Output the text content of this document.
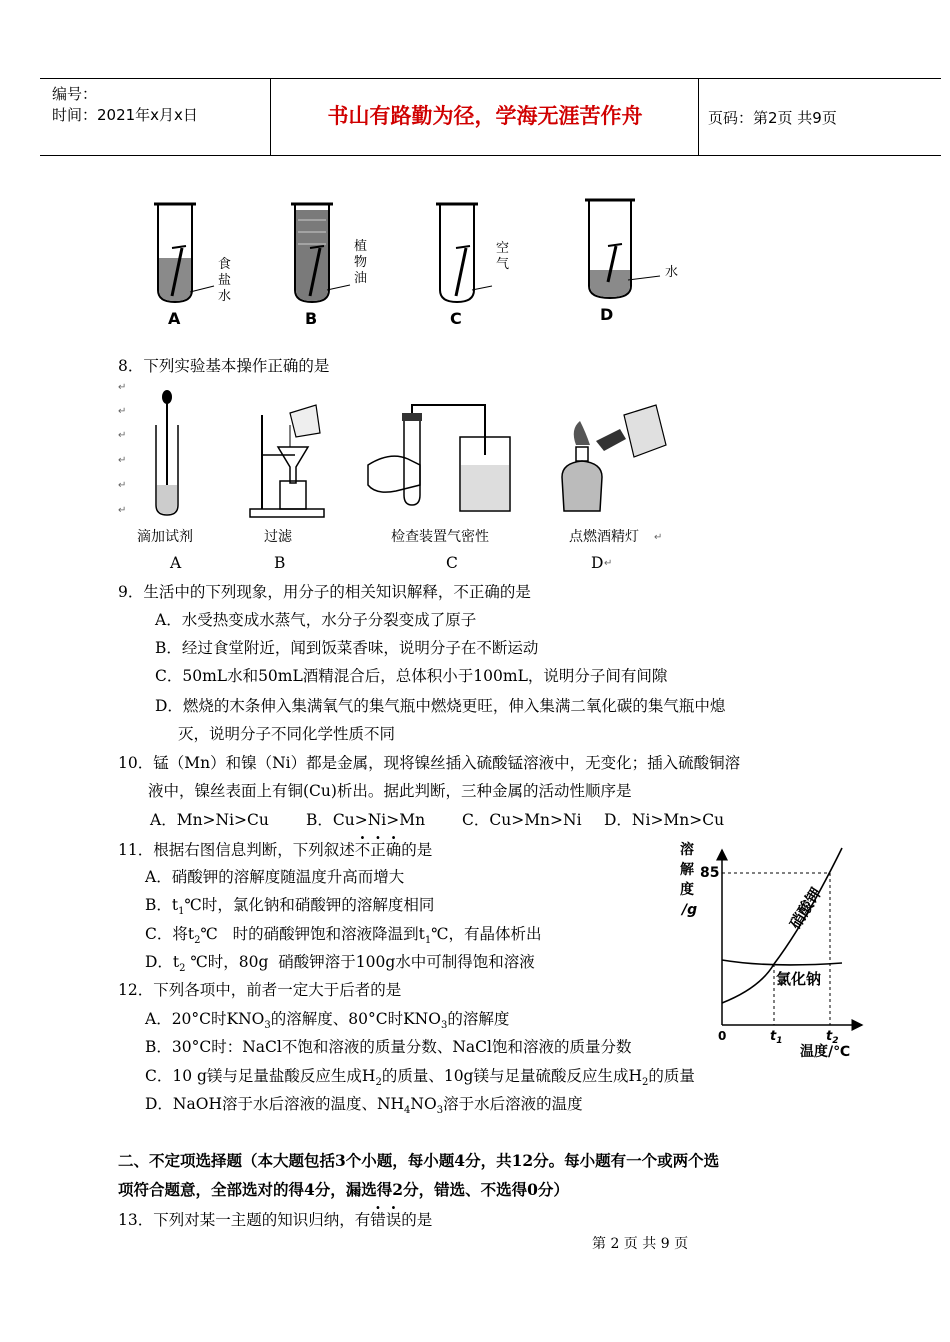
编号：
时间：2021年x月x日	书山有路勤为径，学海无涯苦作舟	页码：第2页 共9页
食
盐
水
A
植
物
油
B
空
气
C
水
D
8．下列实验基本操作正确的是
↵
↵
↵
↵
↵
↵
滴加试剂	过滤	检查装置气密性	点燃酒精灯 ↵
A	B	C	D ↵
9．生活中的下列现象，用分子的相关知识解释，不正确的是
A．水受热变成水蒸气，水分子分裂变成了原子
B．经过食堂附近，闻到饭菜香味，说明分子在不断运动
C．50mL水和50mL酒精混合后，总体积小于100mL，说明分子间有间隙
D．燃烧的木条伸入集满氧气的集气瓶中燃烧更旺，伸入集满二氧化碳的集气瓶中熄
灭，说明分子不同化学性质不同
10．锰（Mn）和镍（Ni）都是金属，现将镍丝插入硫酸锰溶液中，无变化；插入硫酸铜溶
液中，镍丝表面上有铜(Cu)析出。据此判断，三种金属的活动性顺序是
A．Mn>Ni>Cu B．Cu>Ni>Mn C．Cu>Mn>Ni D．Ni>Mn>Cu
11．根据右图信息判断，下列叙述不正确的是
A．硝酸钾的溶解度随温度升高而增大
B．$t_1℃$时，氯化钠和硝酸钾的溶解度相同
C．将$t_2℃$   时的硝酸钾饱和溶液降温到$t_1℃$，有晶体析出
D．$t_2$ ℃时，80g  硝酸钾溶于100g水中可制得饱和溶液
溶
解
度
/g
85
硝酸钾
氯化钠
0	$t_1$	$t_2$
温度/℃
12．下列各项中，前者一定大于后者的是
A．20°C时$KNO_3$的溶解度、80°C时$KNO_3$的溶解度
B．30°C时：NaCl不饱和溶液的质量分数、NaCl饱和溶液的质量分数
C．10 g镁与足量盐酸反应生成$H_2$的质量、10g镁与足量硫酸反应生成$H_2$的质量
D．NaOH溶于水后溶液的温度、$NH_4NO_3$溶于水后溶液的温度
二、不定项选择题（本大题包括3个小题，每小题4分，共12分。每小题有一个或两个选
项符合题意，全部选对的得4分，漏选得2分，错选、不选得0分）
13．下列对某一主题的知识归纳，有错误的是
第 2 页 共 9 页
